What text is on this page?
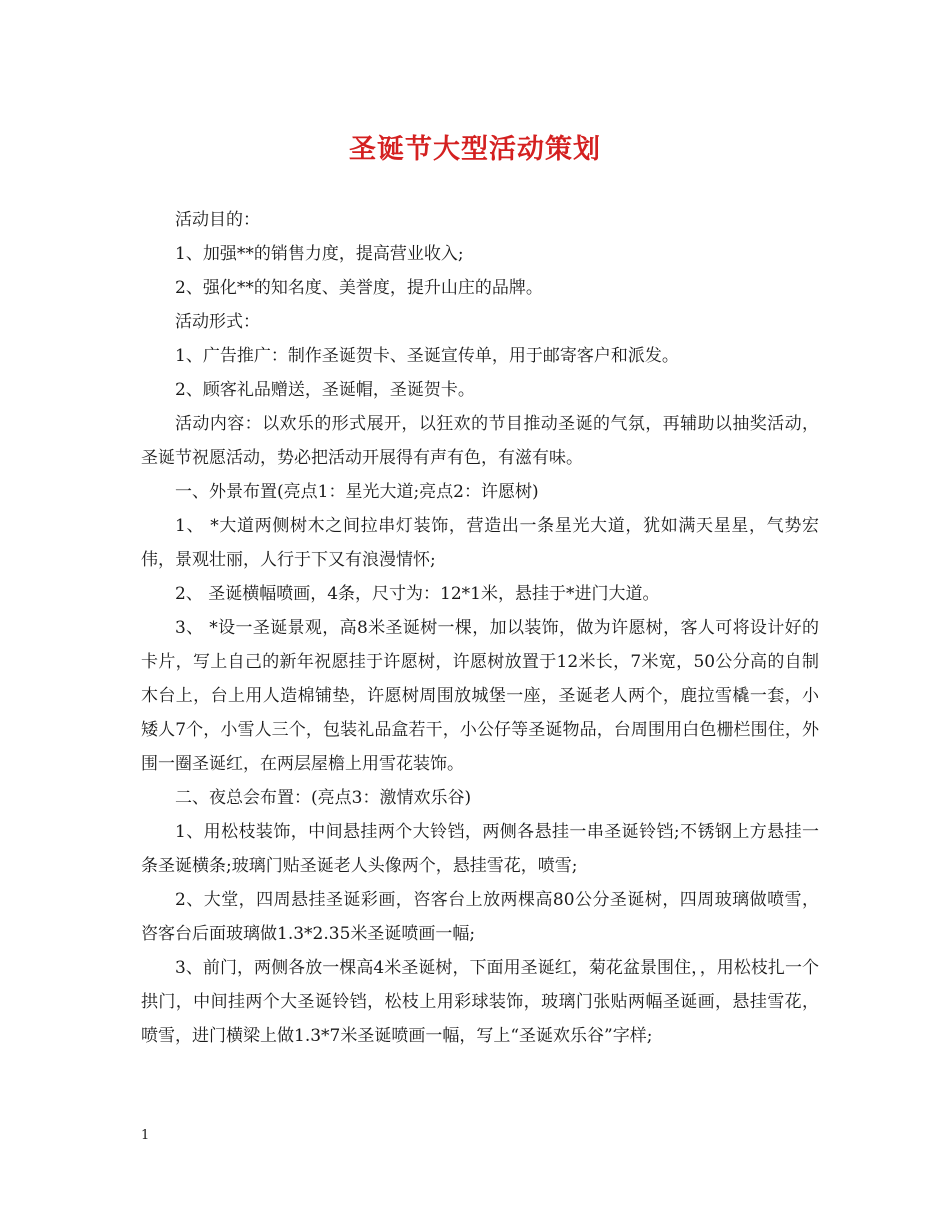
圣诞节大型活动策划

活动目的：

1、加强**的销售力度，提高营业收入;

2、强化**的知名度、美誉度，提升山庄的品牌。

活动形式：

1、广告推广：制作圣诞贺卡、圣诞宣传单，用于邮寄客户和派发。

2、顾客礼品赠送，圣诞帽，圣诞贺卡。

活动内容：以欢乐的形式展开，以狂欢的节目推动圣诞的气氛，再辅助以抽奖活动，圣诞节祝愿活动，势必把活动开展得有声有色，有滋有味。

一、外景布置(亮点1：星光大道;亮点2：许愿树)

1、 *大道两侧树木之间拉串灯装饰，营造出一条星光大道，犹如满天星星，气势宏伟，景观壮丽，人行于下又有浪漫情怀;

2、 圣诞横幅喷画，4条，尺寸为：12*1米，悬挂于*进门大道。

3、 *设一圣诞景观，高8米圣诞树一棵，加以装饰，做为许愿树，客人可将设计好的卡片，写上自己的新年祝愿挂于许愿树，许愿树放置于12米长，7米宽，50公分高的自制木台上，台上用人造棉铺垫，许愿树周围放城堡一座，圣诞老人两个，鹿拉雪橇一套，小矮人7个，小雪人三个，包装礼品盒若干，小公仔等圣诞物品，台周围用白色栅栏围住，外围一圈圣诞红，在两层屋檐上用雪花装饰。

二、夜总会布置：(亮点3：激情欢乐谷)

1、用松枝装饰，中间悬挂两个大铃铛，两侧各悬挂一串圣诞铃铛;不锈钢上方悬挂一条圣诞横条;玻璃门贴圣诞老人头像两个，悬挂雪花，喷雪;

2、大堂，四周悬挂圣诞彩画，咨客台上放两棵高80公分圣诞树，四周玻璃做喷雪，咨客台后面玻璃做1.3*2.35米圣诞喷画一幅;

3、前门，两侧各放一棵高4米圣诞树，下面用圣诞红，菊花盆景围住，，用松枝扎一个拱门，中间挂两个大圣诞铃铛，松枝上用彩球装饰，玻璃门张贴两幅圣诞画，悬挂雪花，喷雪，进门横梁上做1.3*7米圣诞喷画一幅，写上“圣诞欢乐谷”字样;

1
